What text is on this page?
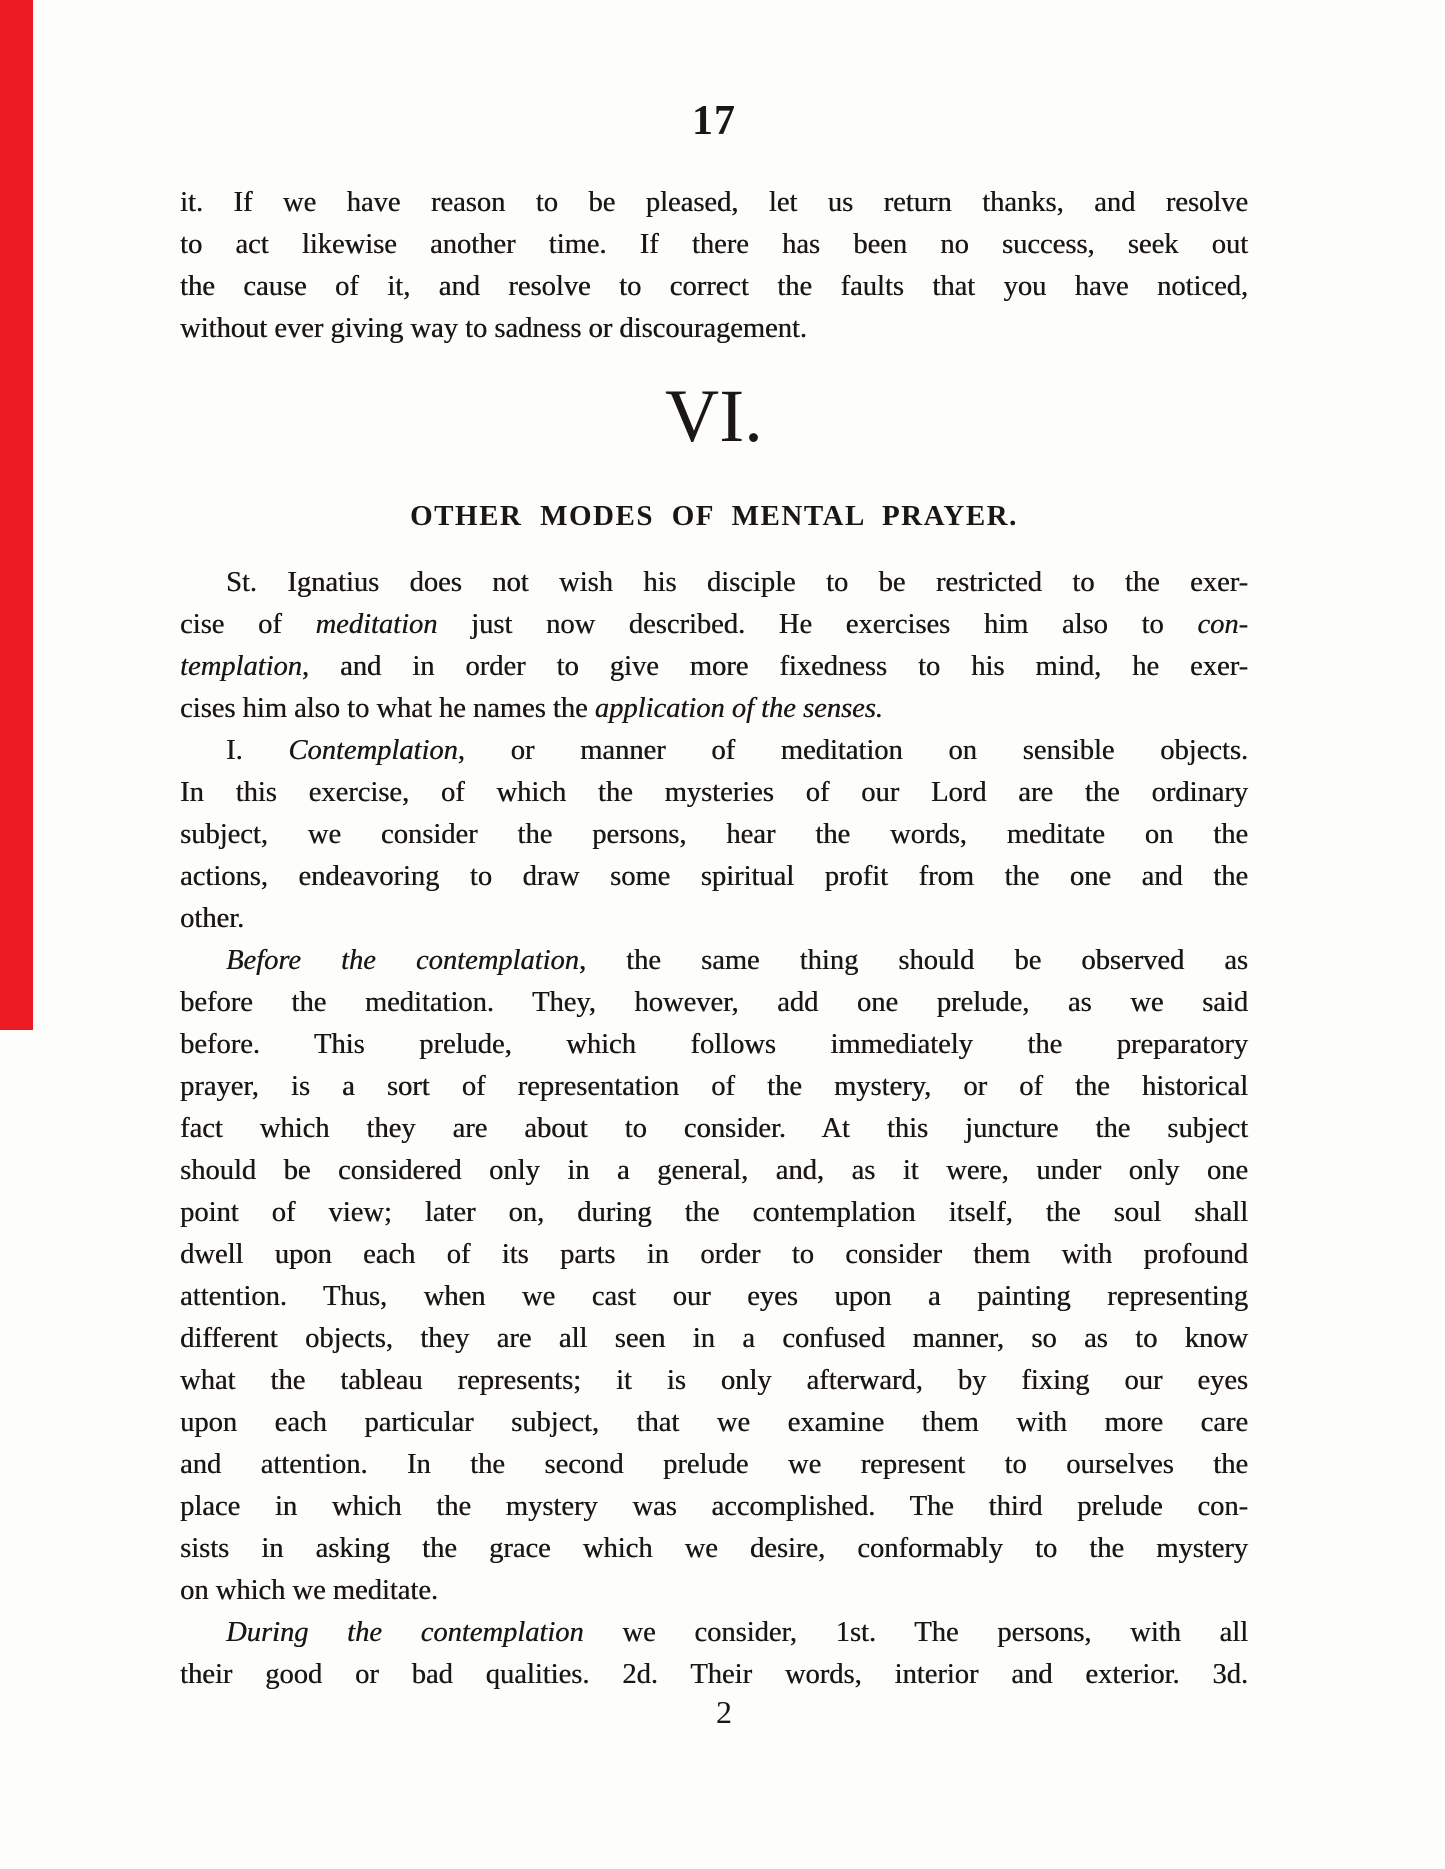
17
it. If we have reason to be pleased, let us return thanks, and resolve
to act likewise another time. If there has been no success, seek out
the cause of it, and resolve to correct the faults that you have noticed,
without ever giving way to sadness or discouragement.
VI.
OTHER MODES OF MENTAL PRAYER.
St. Ignatius does not wish his disciple to be restricted to the exer-
cise of meditation just now described. He exercises him also to con-
templation, and in order to give more fixedness to his mind, he exer-
cises him also to what he names the application of the senses.
I. Contemplation, or manner of meditation on sensible objects.
In this exercise, of which the mysteries of our Lord are the ordinary
subject, we consider the persons, hear the words, meditate on the
actions, endeavoring to draw some spiritual profit from the one and the
other.
Before the contemplation, the same thing should be observed as
before the meditation. They, however, add one prelude, as we said
before. This prelude, which follows immediately the preparatory
prayer, is a sort of representation of the mystery, or of the historical
fact which they are about to consider. At this juncture the subject
should be considered only in a general, and, as it were, under only one
point of view; later on, during the contemplation itself, the soul shall
dwell upon each of its parts in order to consider them with profound
attention. Thus, when we cast our eyes upon a painting representing
different objects, they are all seen in a confused manner, so as to know
what the tableau represents; it is only afterward, by fixing our eyes
upon each particular subject, that we examine them with more care
and attention. In the second prelude we represent to ourselves the
place in which the mystery was accomplished. The third prelude con-
sists in asking the grace which we desire, conformably to the mystery
on which we meditate.
During the contemplation we consider, 1st. The persons, with all
their good or bad qualities. 2d. Their words, interior and exterior. 3d.
2
